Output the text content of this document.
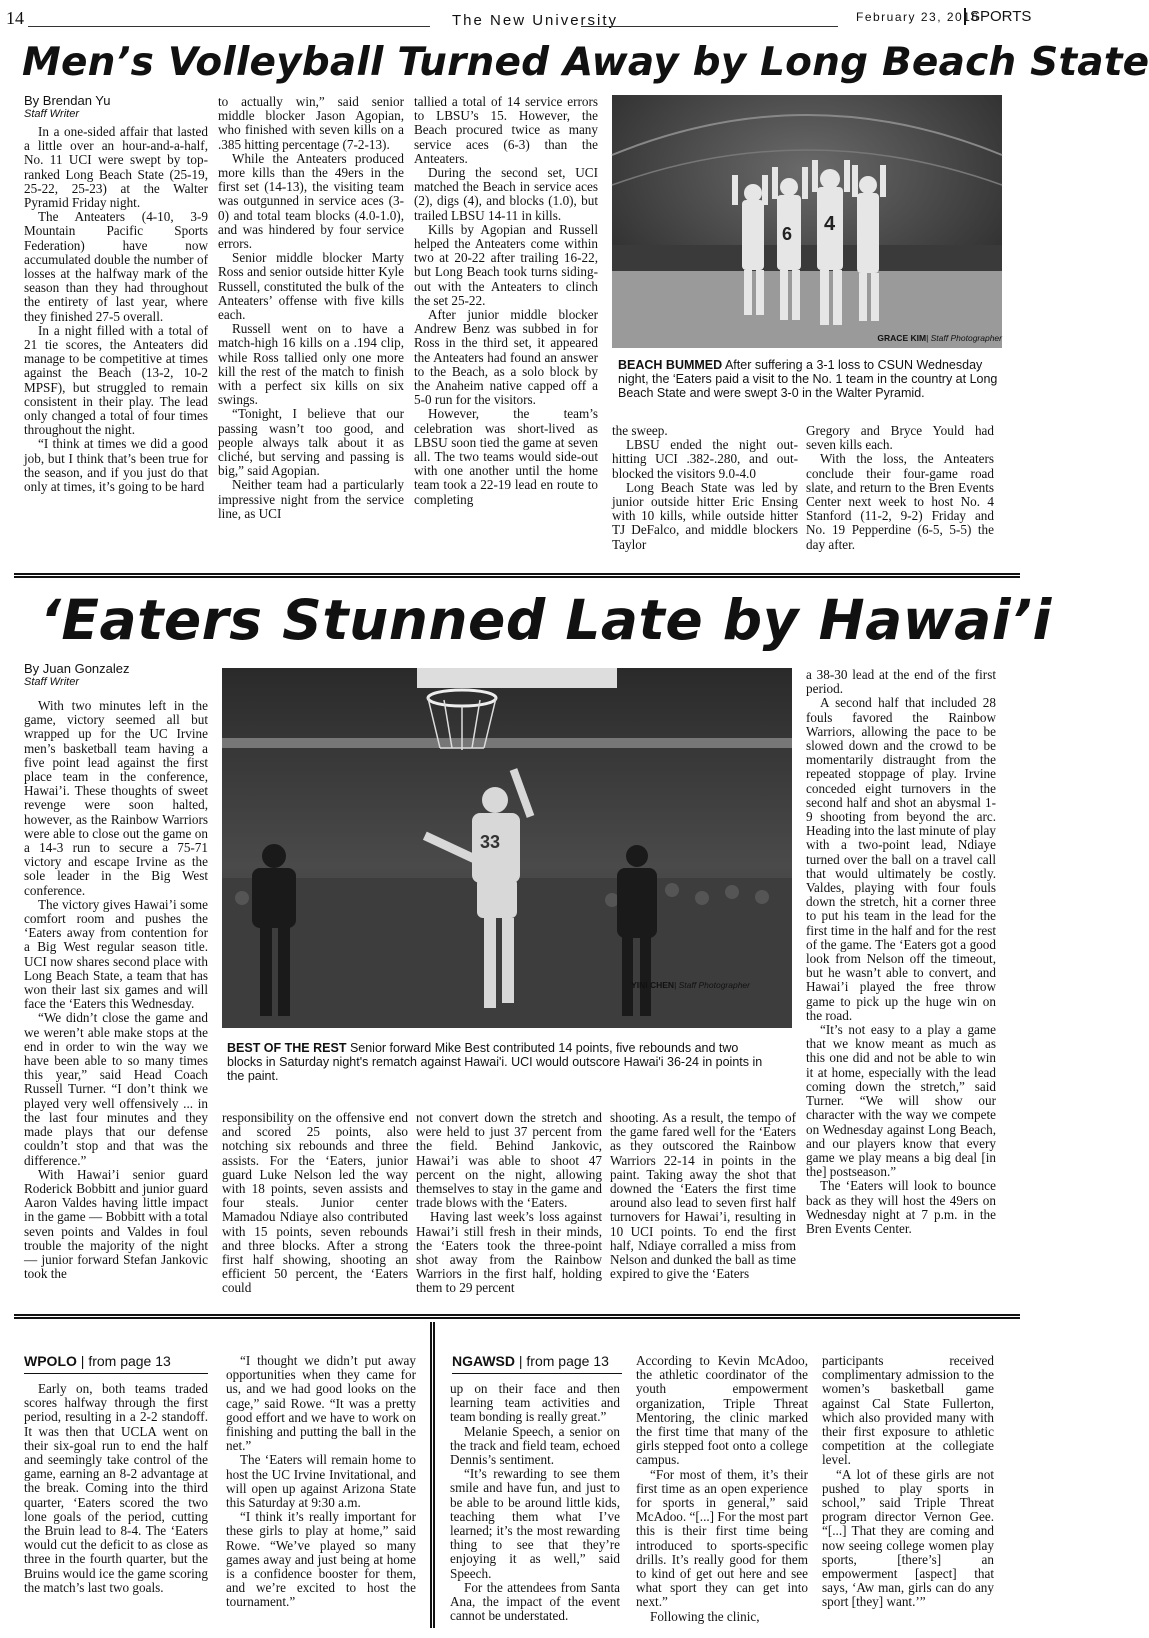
14	The New University	February 23, 2016
SPORTS
Men’s Volleyball Turned Away by Long Beach State
By Brendan Yu
Staff Writer

In a one-sided affair that lasted a little over an hour-and-a-half, No. 11 UCI were swept by top-ranked Long Beach State (25-19, 25-22, 25-23) at the Walter Pyramid Friday night.

The Anteaters (4-10, 3-9 Mountain Pacific Sports Federation) have now accumulated double the number of losses at the halfway mark of the season than they had throughout the entirety of last year, where they finished 27-5 overall.

In a night filled with a total of 21 tie scores, the Anteaters did manage to be competitive at times against the Beach (13-2, 10-2 MPSF), but struggled to remain consistent in their play. The lead only changed a total of four times throughout the night.

“I think at times we did a good job, but I think that’s been true for the season, and if you just do that only at times, it’s going to be hard

to actually win,” said senior middle blocker Jason Agopian, who finished with seven kills on a .385 hitting percentage (7-2-13).

While the Anteaters produced more kills than the 49ers in the first set (14-13), the visiting team was outgunned in service aces (3-0) and total team blocks (4.0-1.0), and was hindered by four service errors.

Senior middle blocker Marty Ross and senior outside hitter Kyle Russell, constituted the bulk of the Anteaters’ offense with five kills each.

Russell went on to have a match-high 16 kills on a .194 clip, while Ross tallied only one more kill the rest of the match to finish with a perfect six kills on six swings.

“Tonight, I believe that our passing wasn’t too good, and people always talk about it as cliché, but serving and passing is big,” said Agopian.

Neither team had a particularly impressive night from the service line, as UCI

tallied a total of 14 service errors to LBSU’s 15. However, the Beach procured twice as many service aces (6-3) than the Anteaters.

During the second set, UCI matched the Beach in service aces (2), digs (4), and blocks (1.0), but trailed LBSU 14-11 in kills.

Kills by Agopian and Russell helped the Anteaters come within two at 20-22 after trailing 16-22, but Long Beach took turns siding-out with the Anteaters to clinch the set 25-22.

After junior middle blocker Andrew Benz was subbed in for Ross in the third set, it appeared the Anteaters had found an answer to the Beach, as a solo block by the Anaheim native capped off a 5-0 run for the visitors.

However, the team’s celebration was short-lived as LBSU soon tied the game at seven all. The two teams would side-out with one another until the home team took a 22-19 lead en route to completing

6 4
GRACE KIM| Staff Photographer
BEACH BUMMED After suffering a 3-1 loss to CSUN Wednesday night, the ‘Eaters paid a visit to the No. 1 team in the country at Long Beach State and were swept 3-0 in the Walter Pyramid.

the sweep.

LBSU ended the night out-hitting UCI .382-.280, and out-blocked the visitors 9.0-4.0

Long Beach State was led by junior outside hitter Eric Ensing with 10 kills, while outside hitter TJ DeFalco, and middle blockers Taylor

Gregory and Bryce Yould had seven kills each.

With the loss, the Anteaters conclude their four-game road slate, and return to the Bren Events Center next week to host No. 4 Stanford (11-2, 9-2) Friday and No. 19 Pepperdine (6-5, 5-5) the day after.

‘Eaters Stunned Late by Hawai’i
By Juan Gonzalez
Staff Writer

With two minutes left in the game, victory seemed all but wrapped up for the UC Irvine men’s basketball team having a five point lead against the first place team in the conference, Hawai’i. These thoughts of sweet revenge were soon halted, however, as the Rainbow Warriors were able to close out the game on a 14-3 run to secure a 75-71 victory and escape Irvine as the sole leader in the Big West conference.

The victory gives Hawai’i some comfort room and pushes the ‘Eaters away from contention for a Big West regular season title. UCI now shares second place with Long Beach State, a team that has won their last six games and will face the ‘Eaters this Wednesday.

“We didn’t close the game and we weren’t able make stops at the end in order to win the way we have been able to so many times this year,” said Head Coach Russell Turner. “I don’t think we played very well offensively ... in the last four minutes and they made plays that our defense couldn’t stop and that was the difference.”

With Hawai’i senior guard Roderick Bobbitt and junior guard Aaron Valdes having little impact in the game — Bobbitt with a total seven points and Valdes in foul trouble the majority of the night — junior forward Stefan Jankovic took the

33
YINI CHEN| Staff Photographer
BEST OF THE REST Senior forward Mike Best contributed 14 points, five rebounds and two blocks in Saturday night's rematch against Hawai'i. UCI would outscore Hawai'i 36-24 in points in the paint.

responsibility on the offensive end and scored 25 points, also notching six rebounds and three assists. For the ‘Eaters, junior guard Luke Nelson led the way with 18 points, seven assists and four steals. Junior center Mamadou Ndiaye also contributed with 15 points, seven rebounds and three blocks. After a strong first half showing, shooting an efficient 50 percent, the ‘Eaters could

not convert down the stretch and were held to just 37 percent from the field. Behind Jankovic, Hawai’i was able to shoot 47 percent on the night, allowing themselves to stay in the game and trade blows with the ‘Eaters.

Having last week’s loss against Hawai’i still fresh in their minds, the ‘Eaters took the three-point shot away from the Rainbow Warriors in the first half, holding them to 29 percent

shooting. As a result, the tempo of the game fared well for the ‘Eaters as they outscored the Rainbow Warriors 22-14 in points in the paint. Taking away the shot that downed the ‘Eaters the first time around also lead to seven first half turnovers for Hawai’i, resulting in 10 UCI points. To end the first half, Ndiaye corralled a miss from Nelson and dunked the ball as time expired to give the ‘Eaters

a 38-30 lead at the end of the first period.

A second half that included 28 fouls favored the Rainbow Warriors, allowing the pace to be slowed down and the crowd to be momentarily distraught from the repeated stoppage of play. Irvine conceded eight turnovers in the second half and shot an abysmal 1-9 shooting from beyond the arc. Heading into the last minute of play with a two-point lead, Ndiaye turned over the ball on a travel call that would ultimately be costly. Valdes, playing with four fouls down the stretch, hit a corner three to put his team in the lead for the first time in the half and for the rest of the game. The ‘Eaters got a good look from Nelson off the timeout, but he wasn’t able to convert, and Hawai’i played the free throw game to pick up the huge win on the road.

“It’s not easy to a play a game that we know meant as much as this one did and not be able to win it at home, especially with the lead coming down the stretch,” said Turner. “We will show our character with the way we compete on Wednesday against Long Beach, and our players know that every game we play means a big deal [in the] postseason.”

The ‘Eaters will look to bounce back as they will host the 49ers on Wednesday night at 7 p.m. in the Bren Events Center.

WPOLO | from page 13

Early on, both teams traded scores halfway through the first period, resulting in a 2-2 standoff. It was then that UCLA went on their six-goal run to end the half and seemingly take control of the game, earning an 8-2 advantage at the break. Coming into the third quarter, ‘Eaters scored the two lone goals of the period, cutting the Bruin lead to 8-4. The ‘Eaters would cut the deficit to as close as three in the fourth quarter, but the Bruins would ice the game scoring the match’s last two goals.

“I thought we didn’t put away opportunities when they came for us, and we had good looks on the cage,” said Rowe. “It was a pretty good effort and we have to work on finishing and putting the ball in the net.”

The ‘Eaters will remain home to host the UC Irvine Invitational, and will open up against Arizona State this Saturday at 9:30 a.m.

“I think it’s really important for these girls to play at home,” said Rowe. “We’ve played so many games away and just being at home is a confidence booster for them, and we’re excited to host the tournament.”

NGAWSD | from page 13

up on their face and then learning team activities and team bonding is really great.”

Melanie Speech, a senior on the track and field team, echoed Dennis’s sentiment.

“It’s rewarding to see them smile and have fun, and just to be able to be around little kids, teaching them what I’ve learned; it’s the most rewarding thing to see that they’re enjoying it as well,” said Speech.

For the attendees from Santa Ana, the impact of the event cannot be understated.

According to Kevin McAdoo, the athletic coordinator of the youth empowerment organization, Triple Threat Mentoring, the clinic marked the first time that many of the girls stepped foot onto a college campus.

“For most of them, it’s their first time as an open experience for sports in general,” said McAdoo. “[...] For the most part this is their first time being introduced to sports-specific drills. It’s really good for them to kind of get out here and see what sport they can get into next.”

Following the clinic,

participants received complimentary admission to the women’s basketball game against Cal State Fullerton, which also provided many with their first exposure to athletic competition at the collegiate level.

“A lot of these girls are not pushed to play sports in school,” said Triple Threat program director Vernon Gee. “[...] That they are coming and now seeing college women play sports, [there’s] an empowerment [aspect] that says, ‘Aw man, girls can do any sport [they] want.’”
